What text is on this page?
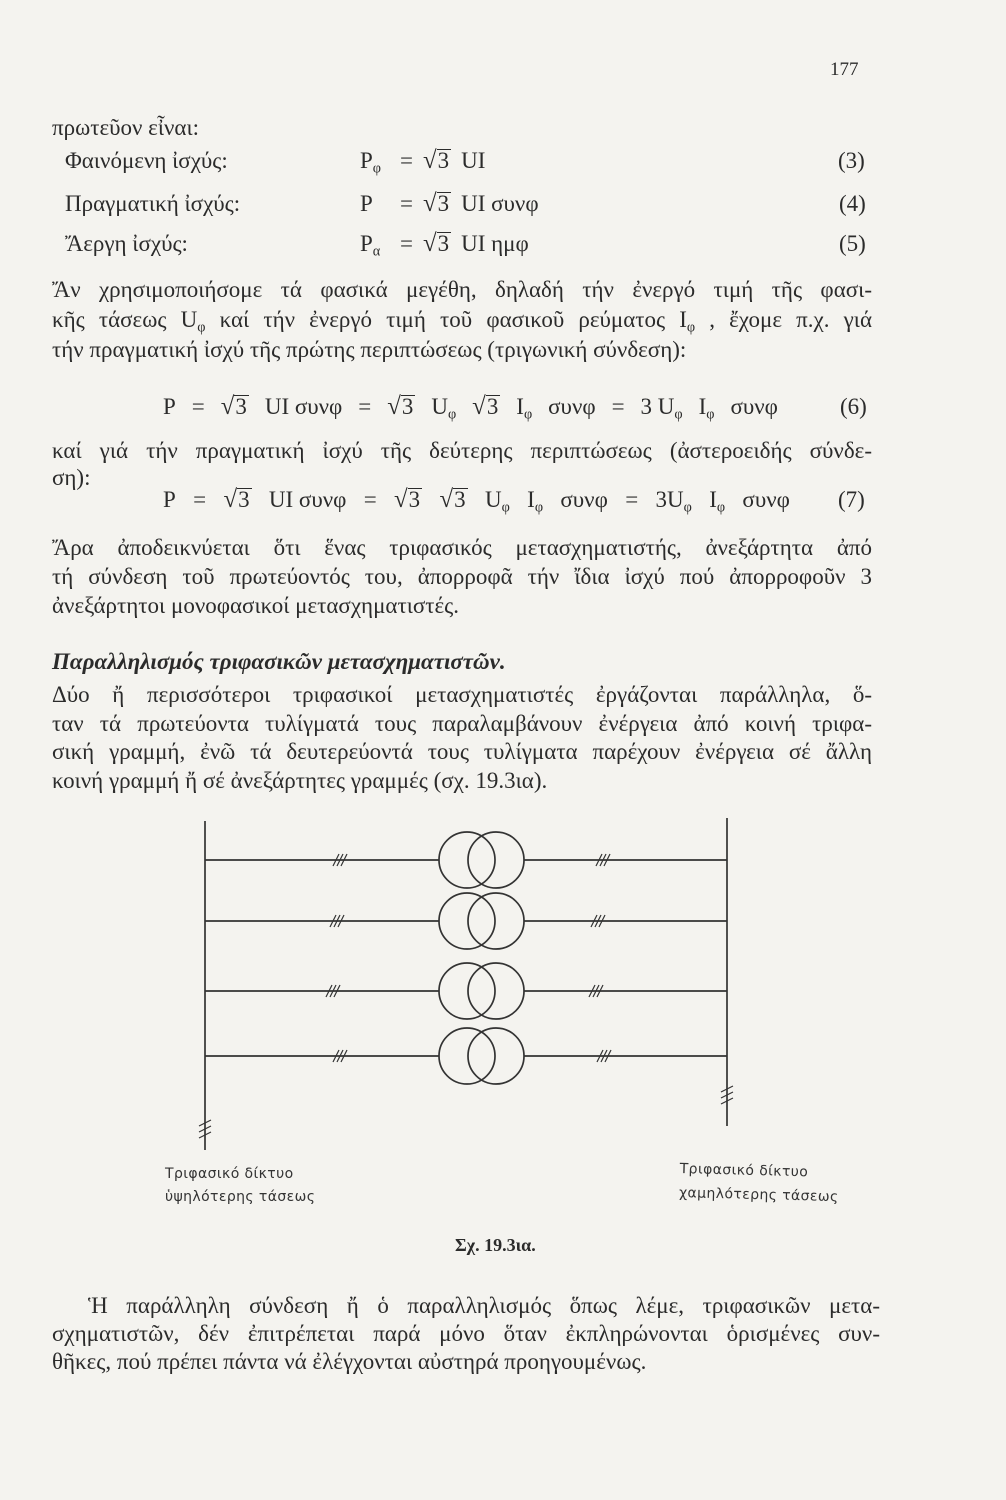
177
πρωτεῦον εἶναι:
Φαινόμενη ἰσχύς:	$P_\varphi = √3$ UI	(3)
Πραγματική ἰσχύς:	P	= √3 UI συνφ	(4)
Ἄεργη ἰσχύς:	$P_\alpha = √3$ UI ημφ	(5)
Ἄν χρησιμοποιήσομε τά φασικά μεγέθη, δηλαδή τήν ἐνεργό τιμή τῆς φασι-
κῆς τάσεως $U_\varphi$ καί τήν ἐνεργό τιμή τοῦ φασικοῦ ρεύματος $I_\varphi$ , ἔχομε π.χ. γιά
τήν πραγματική ἰσχύ τῆς πρώτης περιπτώσεως (τριγωνική σύνδεση):
P = √3 UI συνφ = √3 $U_\varphi$ √3 $I_\varphi$ συνφ = 3 $U_\varphi$ $I_\varphi$ συνφ	(6)
καί γιά τήν πραγματική ἰσχύ τῆς δεύτερης περιπτώσεως (ἀστεροειδής σύνδε-
ση):
P = √3 UI συνφ = √3 √3 $U_\varphi$ $I_\varphi$ $\sigma\upsilon\nu\varphi = 3U_\varphi$ $I_\varphi$ συνφ (7)
Ἄρα ἀποδεικνύεται ὅτι ἕνας τριφασικός μετασχηματιστής, ἀνεξάρτητα ἀπό
τή σύνδεση τοῦ πρωτεύοντός του, ἀπορροφᾶ τήν ἴδια ἰσχύ πού ἀπορροφοῦν 3
ἀνεξάρτητοι μονοφασικοί μετασχηματιστές.
Παραλληλισμός τριφασικῶν μετασχηματιστῶν.
Δύο ἤ περισσότεροι τριφασικοί μετασχηματιστές ἐργάζονται παράλληλα, ὅ-
ταν τά πρωτεύοντα τυλίγματά τους παραλαμβάνουν ἐνέργεια ἀπό κοινή τριφα-
σική γραμμή, ἐνῶ τά δευτερεύοντά τους τυλίγματα παρέχουν ἐνέργεια σέ ἄλλη
κοινή γραμμή ἤ σέ ἀνεξάρτητες γραμμές (σχ. 19.3ια).
Τριφασικό δίκτυο
ὑψηλότερης τάσεως
Τριφασικό δίκτυο
χαμηλότερης τάσεως
Σχ. 19.3ια.
Ἡ παράλληλη σύνδεση ἤ ὁ παραλληλισμός ὅπως λέμε, τριφασικῶν μετα-
σχηματιστῶν, δέν ἐπιτρέπεται παρά μόνο ὅταν ἐκπληρώνονται ὁρισμένες συν-
θῆκες, πού πρέπει πάντα νά ἐλέγχονται αὐστηρά προηγουμένως.
